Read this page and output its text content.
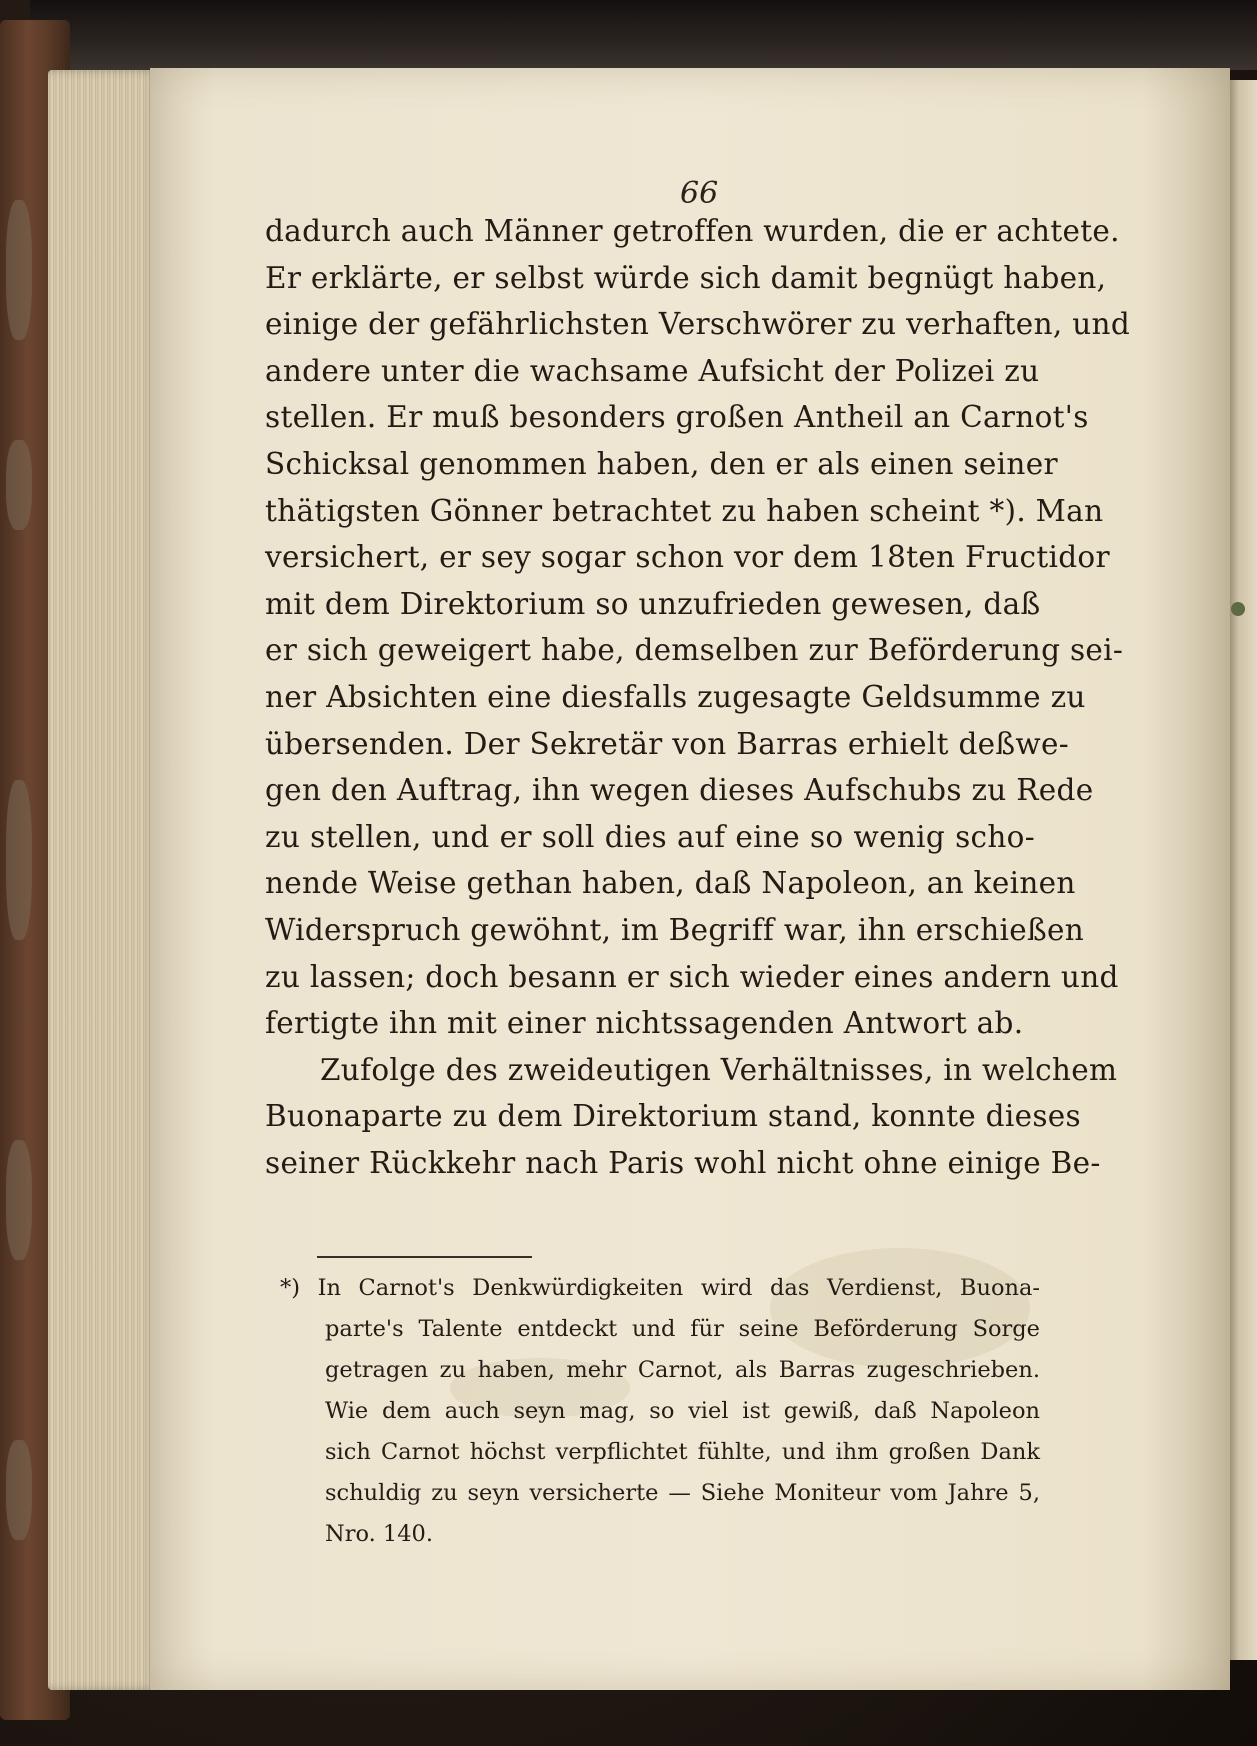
66
dadurch auch Männer getroffen wurden, die er achtete.
Er erklärte, er selbst würde sich damit begnügt haben,
einige der gefährlichsten Verschwörer zu verhaften, und
andere unter die wachsame Aufsicht der Polizei zu
stellen. Er muß besonders großen Antheil an Carnot's
Schicksal genommen haben, den er als einen seiner
thätigsten Gönner betrachtet zu haben scheint *). Man
versichert, er sey sogar schon vor dem 18ten Fructidor
mit dem Direktorium so unzufrieden gewesen, daß
er sich geweigert habe, demselben zur Beförderung sei-
ner Absichten eine diesfalls zugesagte Geldsumme zu
übersenden. Der Sekretär von Barras erhielt deßwe-
gen den Auftrag, ihn wegen dieses Aufschubs zu Rede
zu stellen, und er soll dies auf eine so wenig scho-
nende Weise gethan haben, daß Napoleon, an keinen
Widerspruch gewöhnt, im Begriff war, ihn erschießen
zu lassen; doch besann er sich wieder eines andern und
fertigte ihn mit einer nichtssagenden Antwort ab.
Zufolge des zweideutigen Verhältnisses, in welchem
Buonaparte zu dem Direktorium stand, konnte dieses
seiner Rückkehr nach Paris wohl nicht ohne einige Be-
*) In Carnot's Denkwürdigkeiten wird das Verdienst, Buona-
parte's Talente entdeckt und für seine Beförderung Sorge
getragen zu haben, mehr Carnot, als Barras zugeschrieben.
Wie dem auch seyn mag, so viel ist gewiß, daß Napoleon
sich Carnot höchst verpflichtet fühlte, und ihm großen Dank
schuldig zu seyn versicherte — Siehe Moniteur vom Jahre 5,
Nro. 140.
